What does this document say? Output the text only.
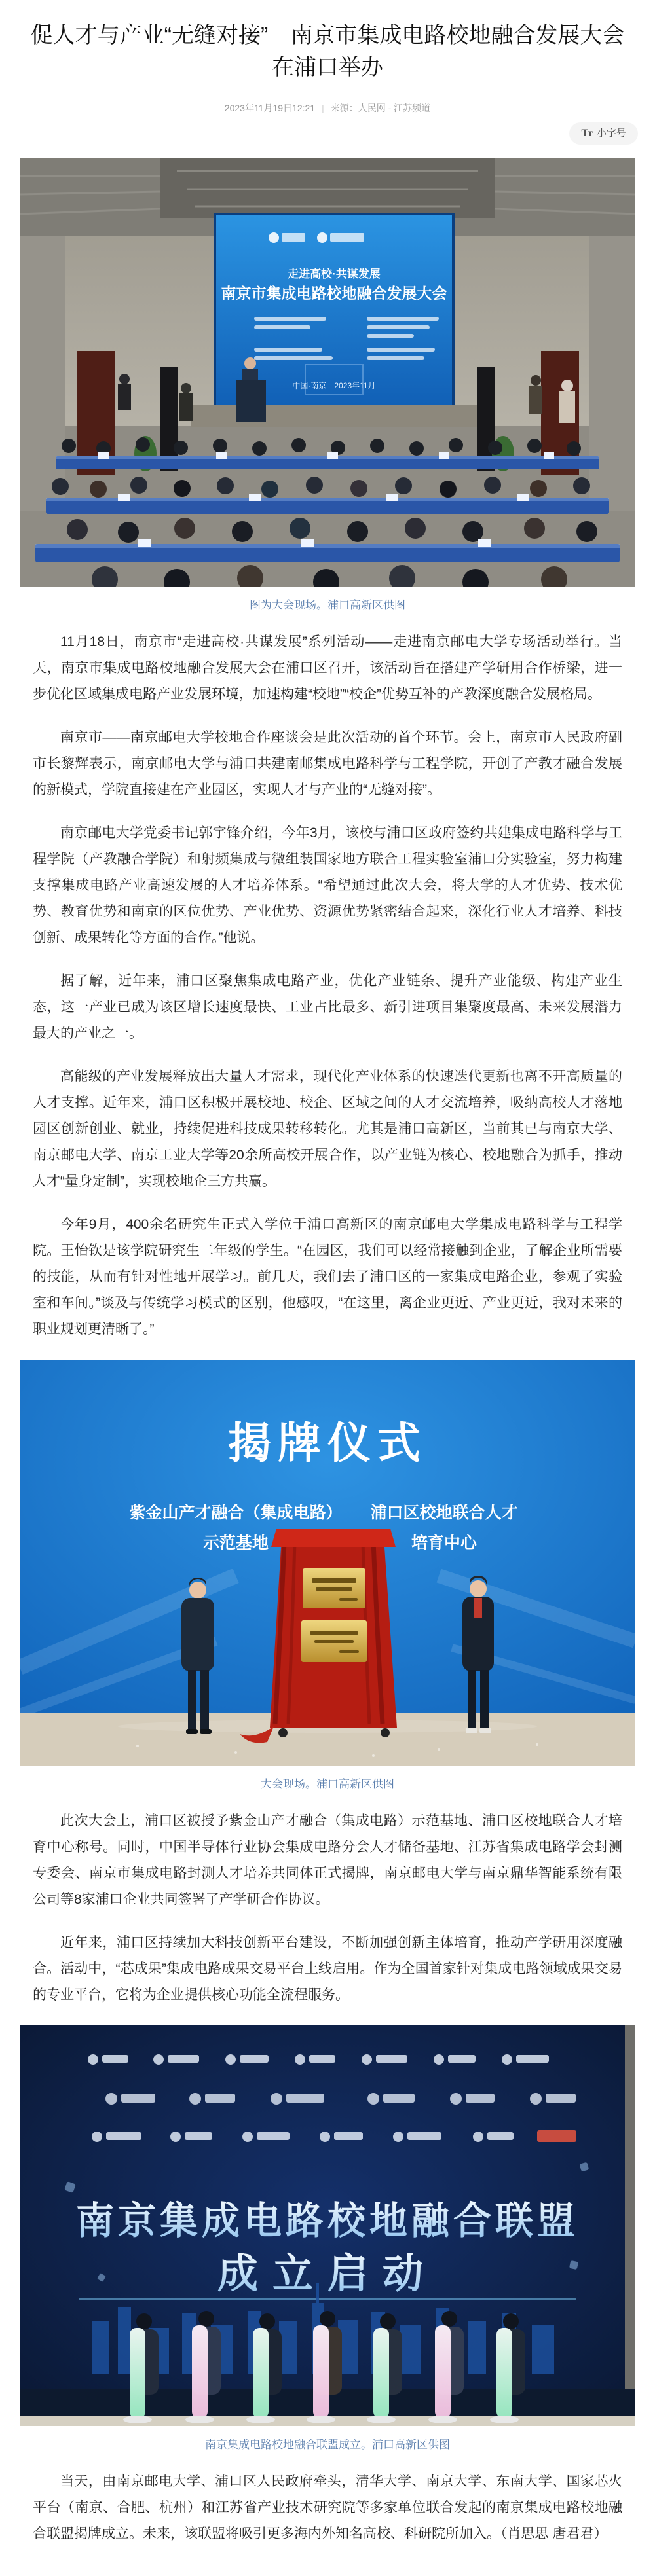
促人才与产业“无缝对接”　南京市集成电路校地融合发展大会在浦口举办
2023年11月19日12:21 | 来源：人民网 - 江苏频道
Tᴛ 小字号
走进高校·共谋发展
南京市集成电路校地融合发展大会
中国·南京　2023年11月
图为大会现场。浦口高新区供图

11月18日，南京市“走进高校·共谋发展”系列活动——走进南京邮电大学专场活动举行。当天，南京市集成电路校地融合发展大会在浦口区召开，该活动旨在搭建产学研用合作桥梁，进一步优化区域集成电路产业发展环境，加速构建“校地”“校企”优势互补的产教深度融合发展格局。

南京市——南京邮电大学校地合作座谈会是此次活动的首个环节。会上，南京市人民政府副市长黎辉表示，南京邮电大学与浦口共建南邮集成电路科学与工程学院，开创了产教才融合发展的新模式，学院直接建在产业园区，实现人才与产业的“无缝对接”。

南京邮电大学党委书记郭宇锋介绍，今年3月，该校与浦口区政府签约共建集成电路科学与工程学院（产教融合学院）和射频集成与微组装国家地方联合工程实验室浦口分实验室，努力构建支撑集成电路产业高速发展的人才培养体系。“希望通过此次大会，将大学的人才优势、技术优势、教育优势和南京的区位优势、产业优势、资源优势紧密结合起来，深化行业人才培养、科技创新、成果转化等方面的合作。”他说。

据了解，近年来，浦口区聚焦集成电路产业，优化产业链条、提升产业能级、构建产业生态，这一产业已成为该区增长速度最快、工业占比最多、新引进项目集聚度最高、未来发展潜力最大的产业之一。

高能级的产业发展释放出大量人才需求，现代化产业体系的快速迭代更新也离不开高质量的人才支撑。近年来，浦口区积极开展校地、校企、区域之间的人才交流培养，吸纳高校人才落地园区创新创业、就业，持续促进科技成果转移转化。尤其是浦口高新区，当前其已与南京大学、南京邮电大学、南京工业大学等20余所高校开展合作，以产业链为核心、校地融合为抓手，推动人才“量身定制”，实现校地企三方共赢。

今年9月，400余名研究生正式入学位于浦口高新区的南京邮电大学集成电路科学与工程学院。王怡钦是该学院研究生二年级的学生。“在园区，我们可以经常接触到企业，了解企业所需要的技能，从而有针对性地开展学习。前几天，我们去了浦口区的一家集成电路企业，参观了实验室和车间。”谈及与传统学习模式的区别，他感叹，“在这里，离企业更近、产业更近，我对未来的职业规划更清晰了。”

揭牌仪式
紫金山产才融合（集成电路）
示范基地
浦口区校地联合人才
培育中心
大会现场。浦口高新区供图

此次大会上，浦口区被授予紫金山产才融合（集成电路）示范基地、浦口区校地联合人才培育中心称号。同时，中国半导体行业协会集成电路分会人才储备基地、江苏省集成电路学会封测专委会、南京市集成电路封测人才培养共同体正式揭牌，南京邮电大学与南京鼎华智能系统有限公司等8家浦口企业共同签署了产学研合作协议。

近年来，浦口区持续加大科技创新平台建设，不断加强创新主体培育，推动产学研用深度融合。活动中，“芯成果”集成电路成果交易平台上线启用。作为全国首家针对集成电路领域成果交易的专业平台，它将为企业提供核心功能全流程服务。

南京集成电路校地融合联盟
成立启动
南京集成电路校地融合联盟成立。浦口高新区供图

当天，由南京邮电大学、浦口区人民政府牵头，清华大学、南京大学、东南大学、国家芯火平台（南京、合肥、杭州）和江苏省产业技术研究院等多家单位联合发起的南京集成电路校地融合联盟揭牌成立。未来，该联盟将吸引更多海内外知名高校、科研院所加入。（肖思思 唐君君）
